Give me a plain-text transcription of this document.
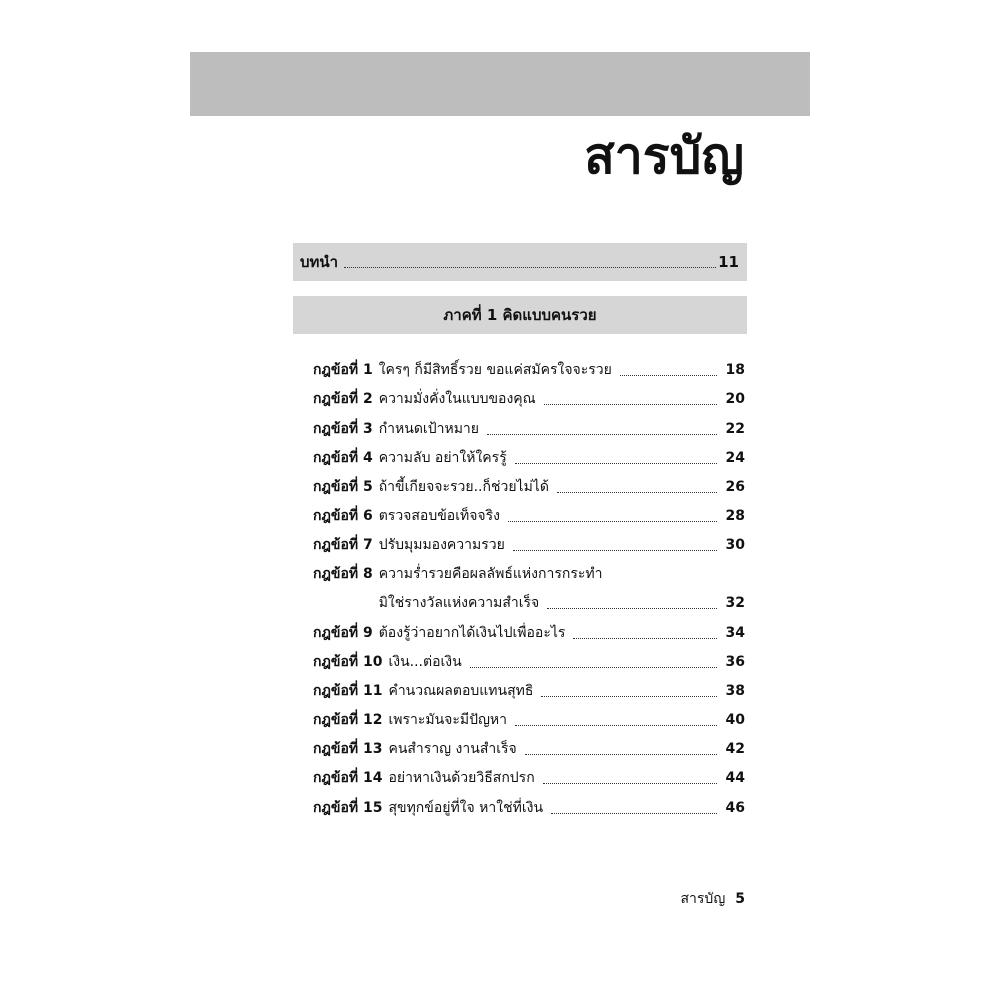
สารบัญ
บทนำ	11
ภาคที่ 1 คิดแบบคนรวย
กฎข้อที่ 1 ใครๆ ก็มีสิทธิ์รวย ขอแค่สมัครใจจะรวย	18
กฎข้อที่ 2 ความมั่งคั่งในแบบของคุณ	20
กฎข้อที่ 3 กำหนดเป้าหมาย	22
กฎข้อที่ 4 ความลับ อย่าให้ใครรู้	24
กฎข้อที่ 5 ถ้าขี้เกียจจะรวย..ก็ช่วยไม่ได้	26
กฎข้อที่ 6 ตรวจสอบข้อเท็จจริง	28
กฎข้อที่ 7 ปรับมุมมองความรวย	30
กฎข้อที่ 8 ความร่ำรวยคือผลลัพธ์แห่งการกระทำ
มิใช่รางวัลแห่งความสำเร็จ	32
กฎข้อที่ 9 ต้องรู้ว่าอยากได้เงินไปเพื่ออะไร	34
กฎข้อที่ 10 เงิน...ต่อเงิน	36
กฎข้อที่ 11 คำนวณผลตอบแทนสุทธิ	38
กฎข้อที่ 12 เพราะมันจะมีปัญหา	40
กฎข้อที่ 13 คนสำราญ งานสำเร็จ	42
กฎข้อที่ 14 อย่าหาเงินด้วยวิธีสกปรก	44
กฎข้อที่ 15 สุขทุกข์อยู่ที่ใจ หาใช่ที่เงิน	46
สารบัญ 5
